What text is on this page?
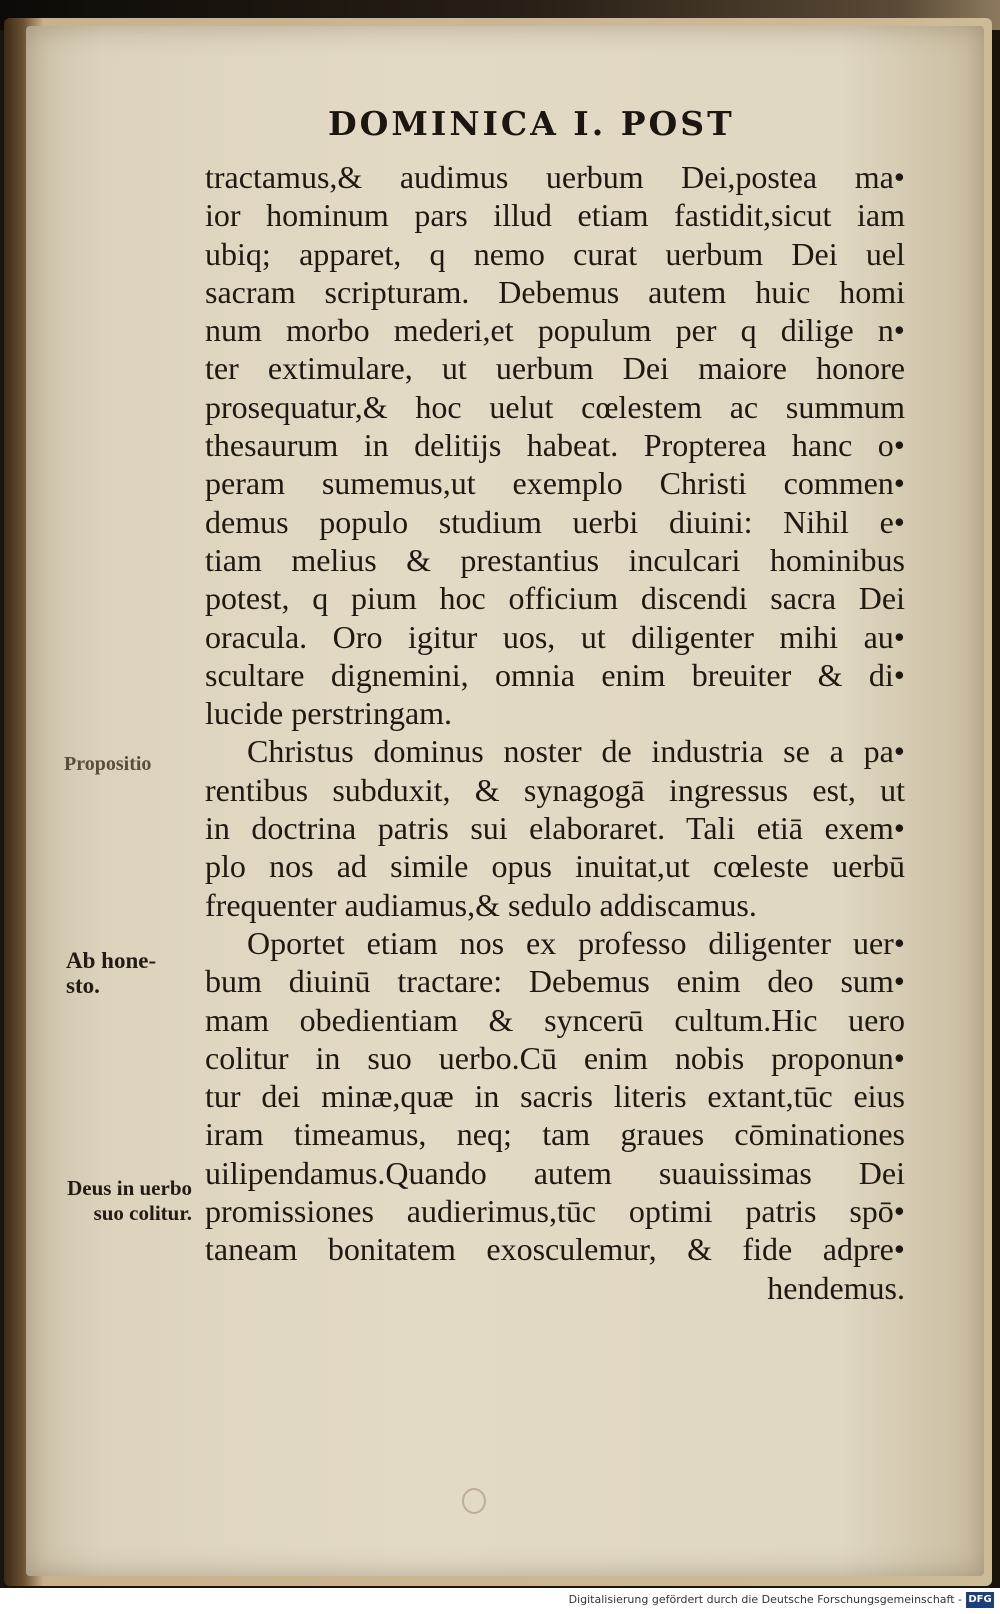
DOMINICA I. POST
tractamus,& audimus uerbum Dei,postea ma•
ior hominum pars illud etiam fastidit,sicut iam
ubiq; apparet, q nemo curat uerbum Dei uel
sacram scripturam. Debemus autem huic homi
num morbo mederi,et populum per q dilige n•
ter extimulare, ut uerbum Dei maiore honore
prosequatur,& hoc uelut cœlestem ac summum
thesaurum in delitijs habeat. Propterea hanc o•
peram sumemus,ut exemplo Christi commen•
demus populo studium uerbi diuini: Nihil e•
tiam melius & prestantius inculcari hominibus
potest, q pium hoc officium discendi sacra Dei
oracula. Oro igitur uos, ut diligenter mihi au•
scultare dignemini, omnia enim breuiter & di•
lucide perstringam.
Christus dominus noster de industria se a pa•
rentibus subduxit, & synagogā ingressus est, ut
in doctrina patris sui elaboraret. Tali etiā exem•
plo nos ad simile opus inuitat,ut cœleste uerbū
frequenter audiamus,& sedulo addiscamus.
Oportet etiam nos ex professo diligenter uer•
bum diuinū tractare: Debemus enim deo sum•
mam obedientiam & syncerū cultum.Hic uero
colitur in suo uerbo.Cū enim nobis proponun•
tur dei minæ,quæ in sacris literis extant,tūc eius
iram timeamus, neq; tam graues cōminationes
uilipendamus.Quando autem suauissimas Dei
promissiones audierimus,tūc optimi patris spō•
taneam bonitatem exosculemur, & fide adpre•
hendemus.
Propositio
Ab hone- sto.
Deus in uerbo suo colitur.
Digitalisierung gefördert durch die Deutsche Forschungsgemeinschaft - DFG
